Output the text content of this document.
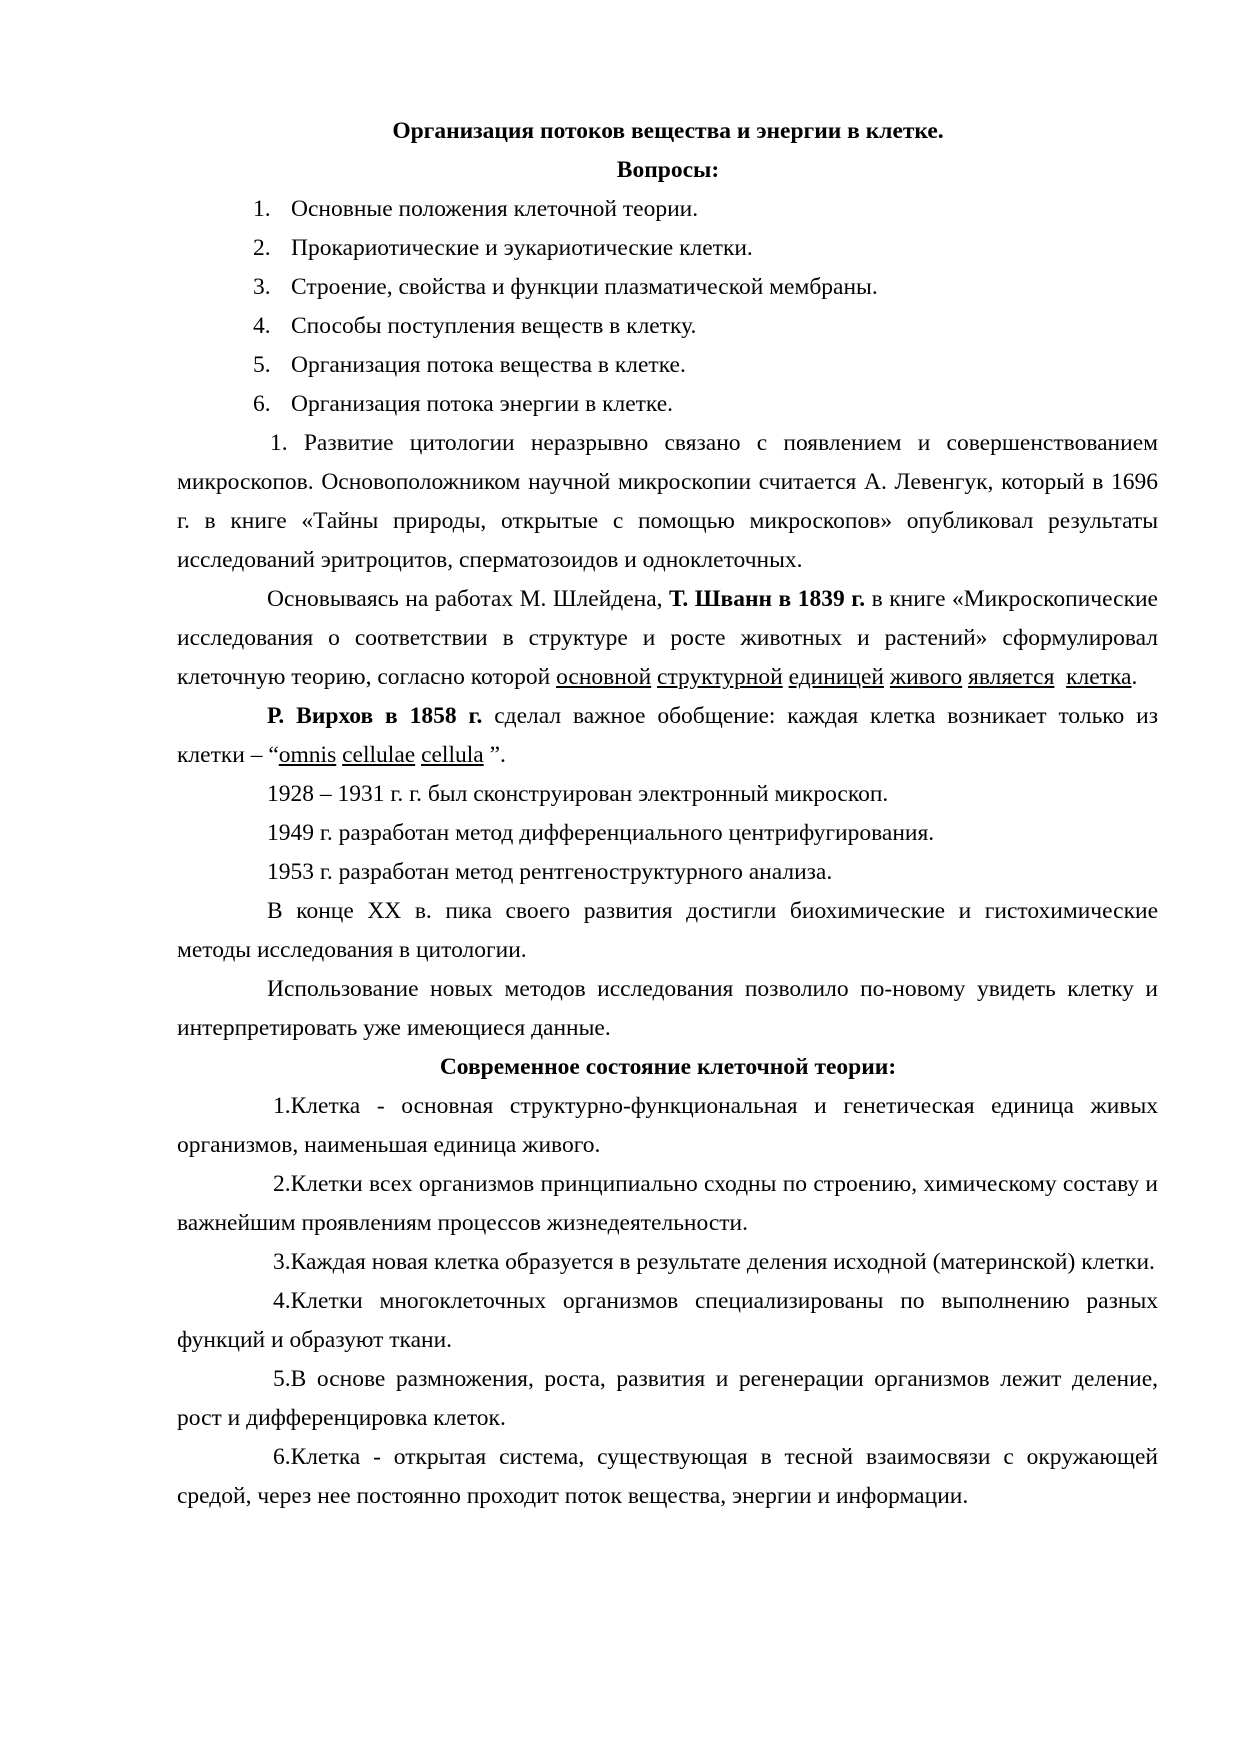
Организация потоков вещества и энергии в клетке.

Вопросы:

1. Основные положения клеточной теории.
2. Прокариотические и эукариотические клетки.
3. Строение, свойства и функции плазматической мембраны.
4. Способы поступления веществ в клетку.
5. Организация потока вещества в клетке.
6. Организация потока энергии в клетке.

1. Развитие цитологии неразрывно связано с появлением и совершенствованием микроскопов. Основоположником научной микроскопии считается А. Левенгук, который в 1696 г. в книге «Тайны природы, открытые с помощью микроскопов» опубликовал результаты исследований эритроцитов, сперматозоидов и одноклеточных.

Основываясь на работах М. Шлейдена, Т. Шванн в 1839 г. в книге «Микроскопические исследования о соответствии в структуре и росте животных и растений» сформулировал клеточную теорию, согласно которой основной структурной единицей живого является клетка.

Р. Вирхов в 1858 г. сделал важное обобщение: каждая клетка возникает только из клетки – “omnis cellulae cellula ”.

1928 – 1931 г. г. был сконструирован электронный микроскоп.

1949 г. разработан метод дифференциального центрифугирования.

1953 г. разработан метод рентгеноструктурного анализа.

В конце XX в. пика своего развития достигли биохимические и гистохимические методы исследования в цитологии.

Использование новых методов исследования позволило по-новому увидеть клетку и интерпретировать уже имеющиеся данные.

Современное состояние клеточной теории:

1.Клетка - основная структурно-функциональная и генетическая единица живых организмов, наименьшая единица живого.

2.Клетки всех организмов принципиально сходны по строению, химическому составу и важнейшим проявлениям процессов жизнедеятельности.

3.Каждая новая клетка образуется в результате деления исходной (материнской) клетки.

4.Клетки многоклеточных организмов специализированы по выполнению разных функций и образуют ткани.

5.В основе размножения, роста, развития и регенерации организмов лежит деление, рост и дифференцировка клеток.

6.Клетка - открытая система, существующая в тесной взаимосвязи с окружающей средой, через нее постоянно проходит поток вещества, энергии и информации.
